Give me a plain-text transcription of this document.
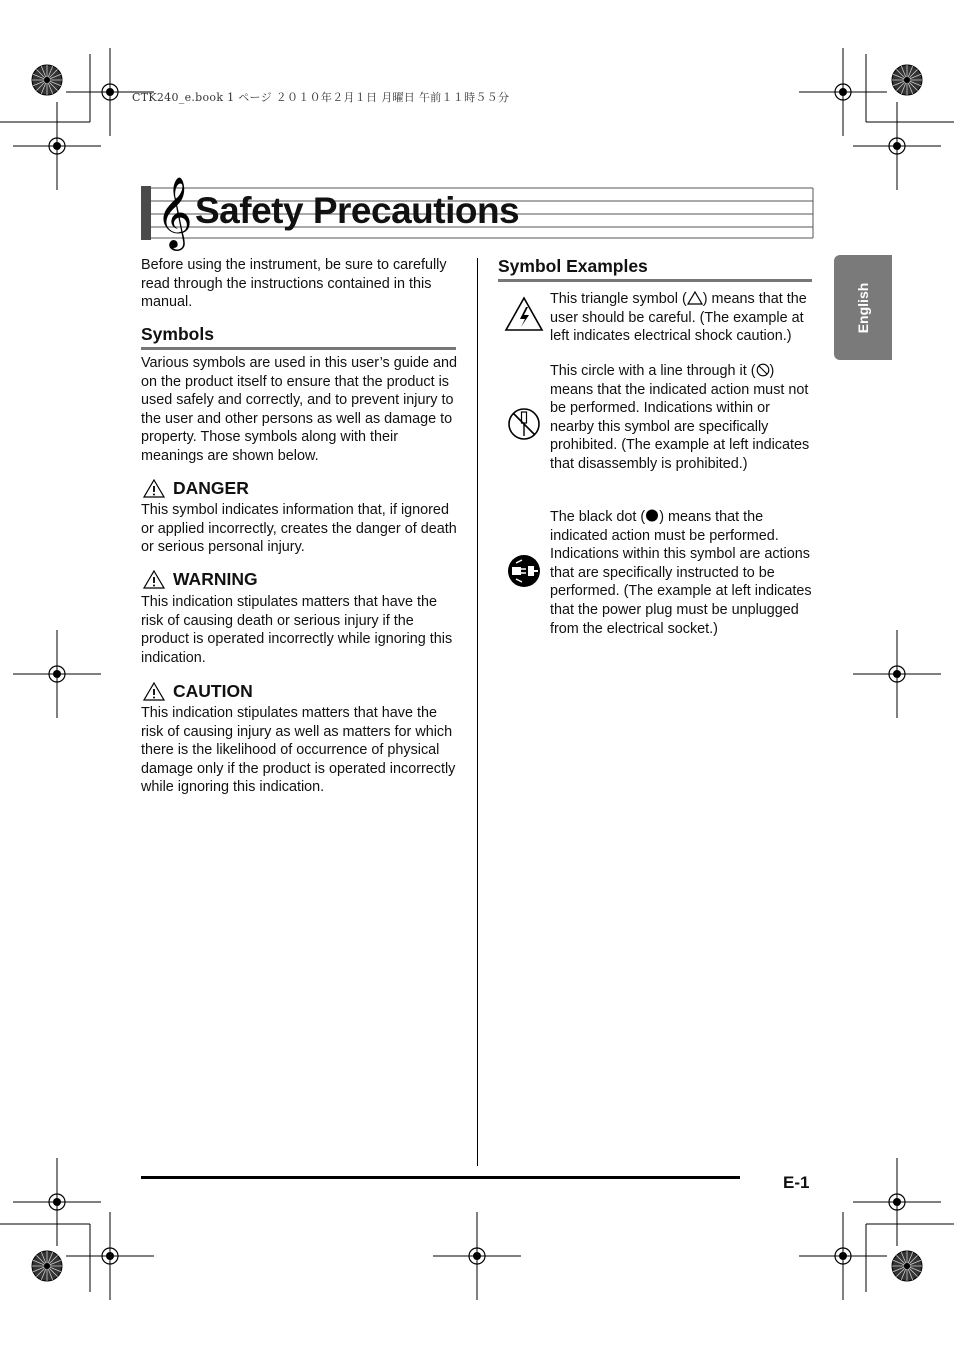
CTK240_e.book 1 ページ ２０１０年２月１日 月曜日 午前１１時５５分
𝄞 Safety Precautions
English
Before using the instrument, be sure to carefully read through the instructions contained in this manual.
Symbols
Various symbols are used in this user’s guide and on the product itself to ensure that the product is used safely and correctly, and to prevent injury to the user and other persons as well as damage to property. Those symbols along with their meanings are shown below.
DANGER
This symbol indicates information that, if ignored or applied incorrectly, creates the danger of death or serious personal injury.
WARNING
This indication stipulates matters that have the risk of causing death or serious injury if the product is operated incorrectly while ignoring this indication.
CAUTION
This indication stipulates matters that have the risk of causing injury as well as matters for which there is the likelihood of occurrence of physical damage only if the product is operated incorrectly while ignoring this indication.
Symbol Examples
This triangle symbol ( ) means that the user should be careful. (The example at left indicates electrical shock caution.)
This circle with a line through it ( ) means that the indicated action must not be performed. Indications within or nearby this symbol are specifically prohibited. (The example at left indicates that disassembly is prohibited.)
The black dot ( ) means that the indicated action must be performed. Indications within this symbol are actions that are specifically instructed to be performed. (The example at left indicates that the power plug must be unplugged from the electrical socket.)
E-1
